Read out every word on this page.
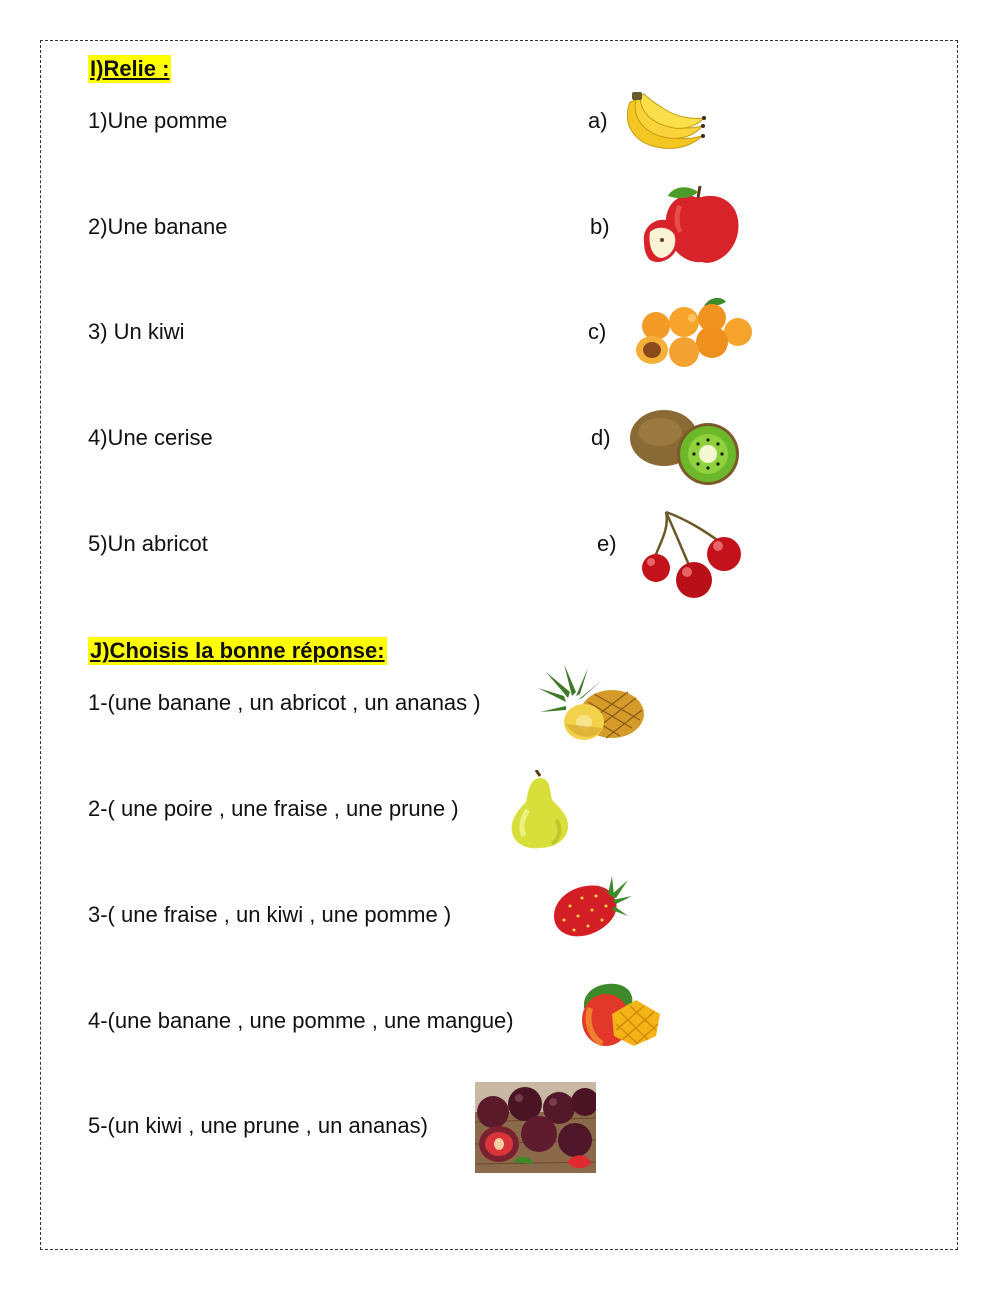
I)Relie :
1)Une pomme
2)Une banane
3) Un kiwi
4)Une cerise
5)Un abricot
a)
b)
c)
d)
e)
J)Choisis la bonne réponse:
1-(une banane , un abricot , un ananas )
2-( une poire , une fraise , une prune )
3-( une fraise , un kiwi , une pomme )
4-(une banane , une pomme , une mangue)
5-(un kiwi , une prune , un ananas)
